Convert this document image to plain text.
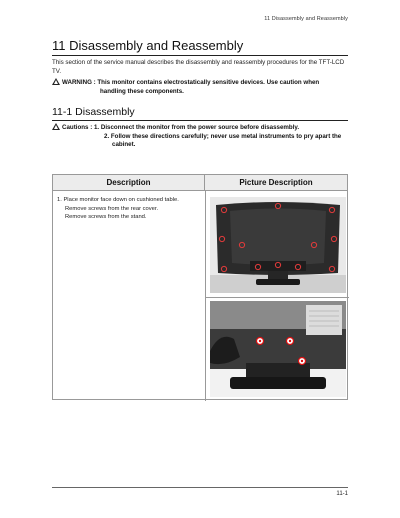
11 Disassembly and Reassembly
11 Disassembly and Reassembly
This section of the service manual describes the disassembly and reassembly procedures for the TFT-LCD TV.
WARNING : This monitor contains electrostatically sensitive devices. Use caution when
handling these components.
11-1 Disassembly
Cautions : 1. Disconnect the monitor from the power source before disassembly.
2. Follow these directions carefully; never use metal instruments to pry apart the
cabinet.
Description	Picture Description
1. Place monitor face down on cushioned table.
Remove screws from the rear cover.
Remove screws from the stand.
11-1
